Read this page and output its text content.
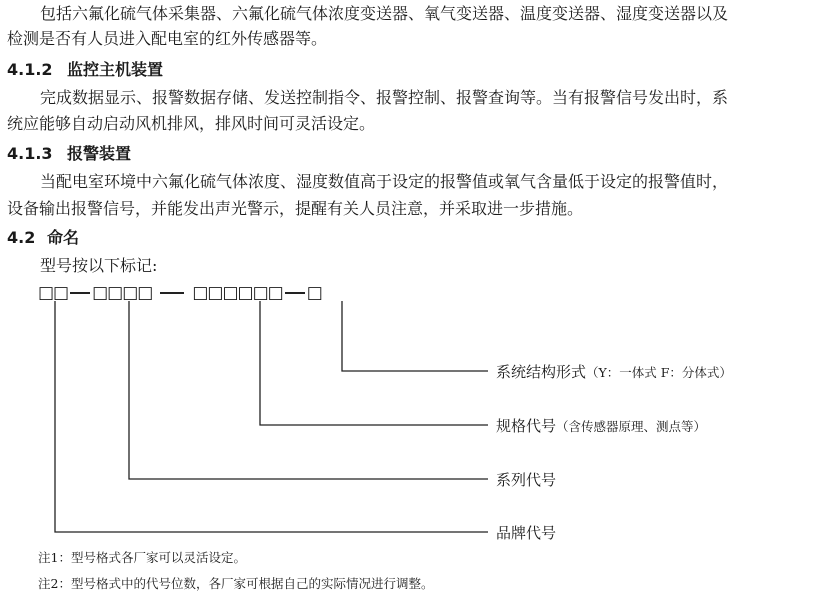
包括六氟化硫气体采集器、六氟化硫气体浓度变送器、氧气变送器、温度变送器、湿度变送器以及
检测是否有人员进入配电室的红外传感器等。
4.1.2 监控主机装置
完成数据显示、报警数据存储、发送控制指令、报警控制、报警查询等。当有报警信号发出时，系
统应能够自动启动风机排风，排风时间可灵活设定。
4.1.3 报警装置
当配电室环境中六氟化硫气体浓度、湿度数值高于设定的报警值或氧气含量低于设定的报警值时，
设备输出报警信号，并能发出声光警示，提醒有关人员注意，并采取进一步措施。
4.2 命名
型号按以下标记:
□□ □□□□ □□□□□□ □
系统结构形式（Y：一体式 F：分体式）
规格代号（含传感器原理、测点等）
系列代号
品牌代号
注1：型号格式各厂家可以灵活设定。
注2：型号格式中的代号位数，各厂家可根据自己的实际情况进行调整。
